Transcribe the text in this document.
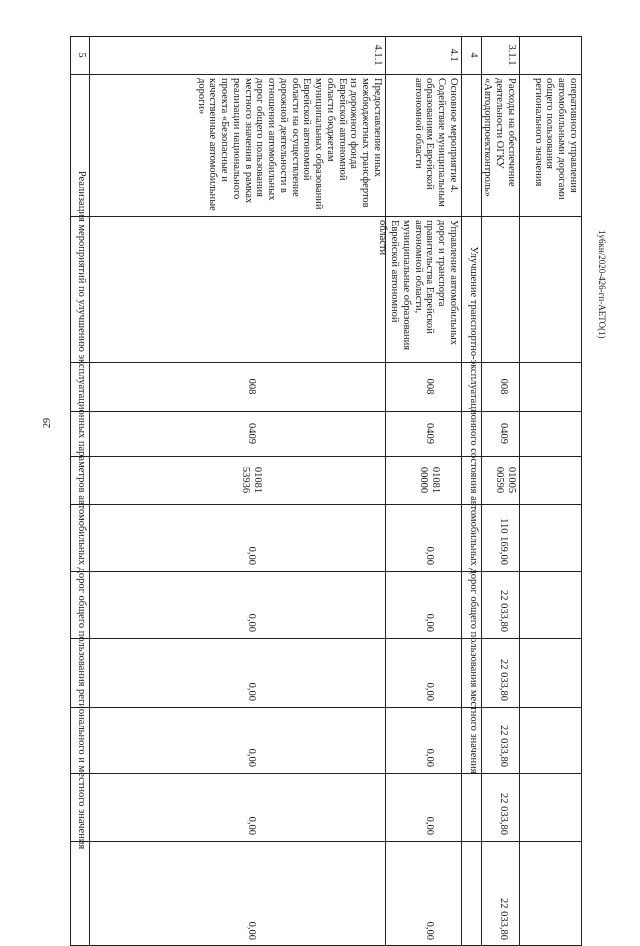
29
1у6кн/2020-426-гп-АЕТО(1)
оперативного управления автомобильными дорогами общего пользования регионального значения
3.1.1
Расходы на обеспечение деятельности ОГКУ «Автодорпроектконтроль»
008
0409
01005 00590
110 169,00
22 033,80
22 033,80
22 033,80
22 033,80
22 033,80
4
Улучшение транспортно-эксплуатационного состояния автомобильных дорог общего пользования местного значения
4.1
Основное мероприятие 4. Содействие муниципальным образованиям Еврейской автономной области
Управление автомобильных дорог и транспорта правительства Еврейской автономной области, муниципальные образования Еврейской автономной области
008
0409
01081 00000
0,00
0,00
0,00
0,00
0,00
0,00
4.1.1
Предоставление иных межбюджетных трансфертов из дорожного фонда Еврейской автономной области бюджетам муниципальных образований Еврейской автономной области на осуществление дорожной деятельности в отношении автомобильных дорог общего пользования местного значения в рамках реализации национального проекта «Безопасные и качественные автомобильные дороги»
008
0409
01081 53936
0,00
0,00
0,00
0,00
0,00
0,00
5
Реализация мероприятий по улучшению эксплуатационных параметров автомобильных дорог общего пользования регионального и местного значения
